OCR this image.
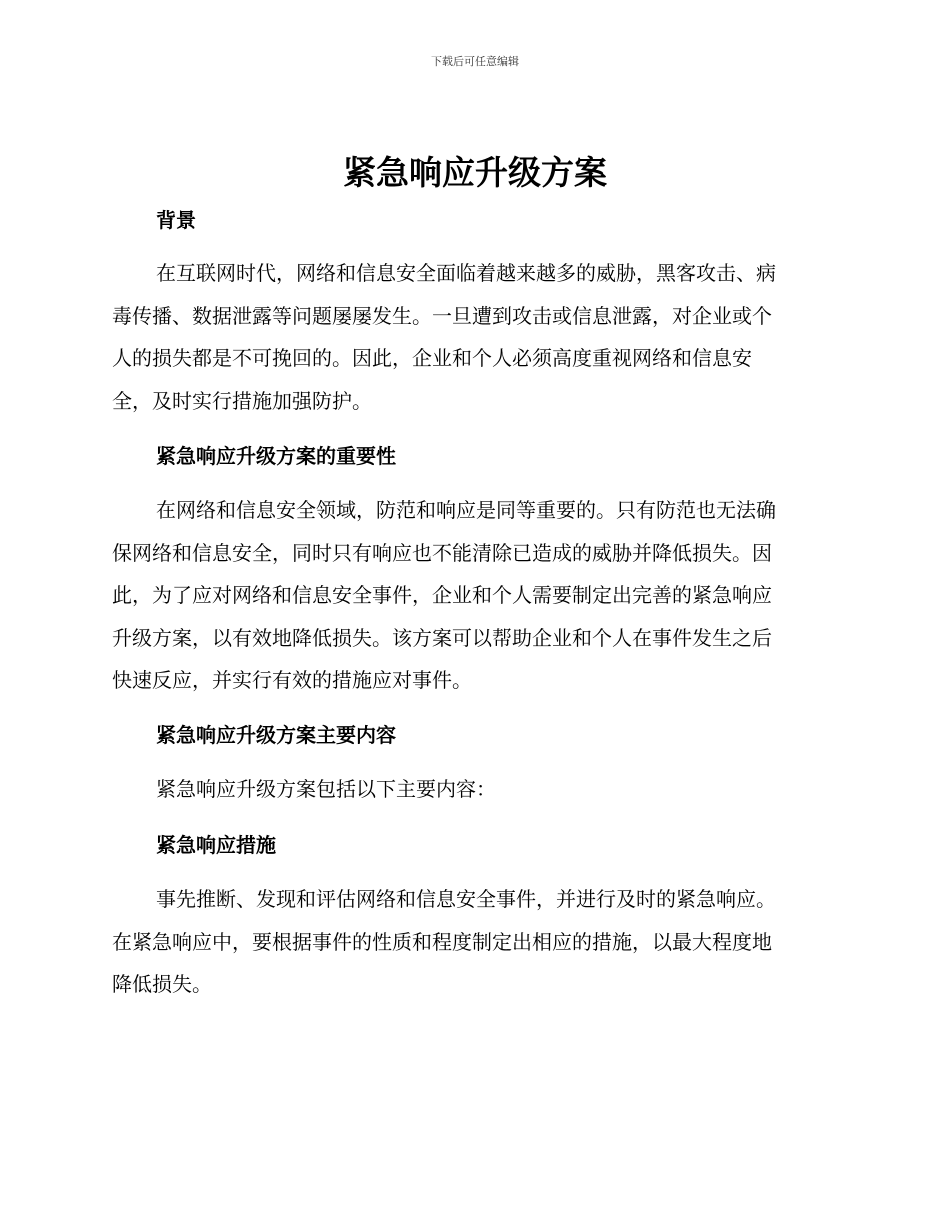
下载后可任意编辑
紧急响应升级方案
背景
在互联网时代，网络和信息安全面临着越来越多的威胁，黑客攻击、病
毒传播、数据泄露等问题屡屡发生。一旦遭到攻击或信息泄露，对企业或个
人的损失都是不可挽回的。因此，企业和个人必须高度重视网络和信息安
全，及时实行措施加强防护。
紧急响应升级方案的重要性
在网络和信息安全领域，防范和响应是同等重要的。只有防范也无法确
保网络和信息安全，同时只有响应也不能清除已造成的威胁并降低损失。因
此，为了应对网络和信息安全事件，企业和个人需要制定出完善的紧急响应
升级方案，以有效地降低损失。该方案可以帮助企业和个人在事件发生之后
快速反应，并实行有效的措施应对事件。
紧急响应升级方案主要内容
紧急响应升级方案包括以下主要内容：
紧急响应措施
事先推断、发现和评估网络和信息安全事件，并进行及时的紧急响应。
在紧急响应中，要根据事件的性质和程度制定出相应的措施，以最大程度地
降低损失。
